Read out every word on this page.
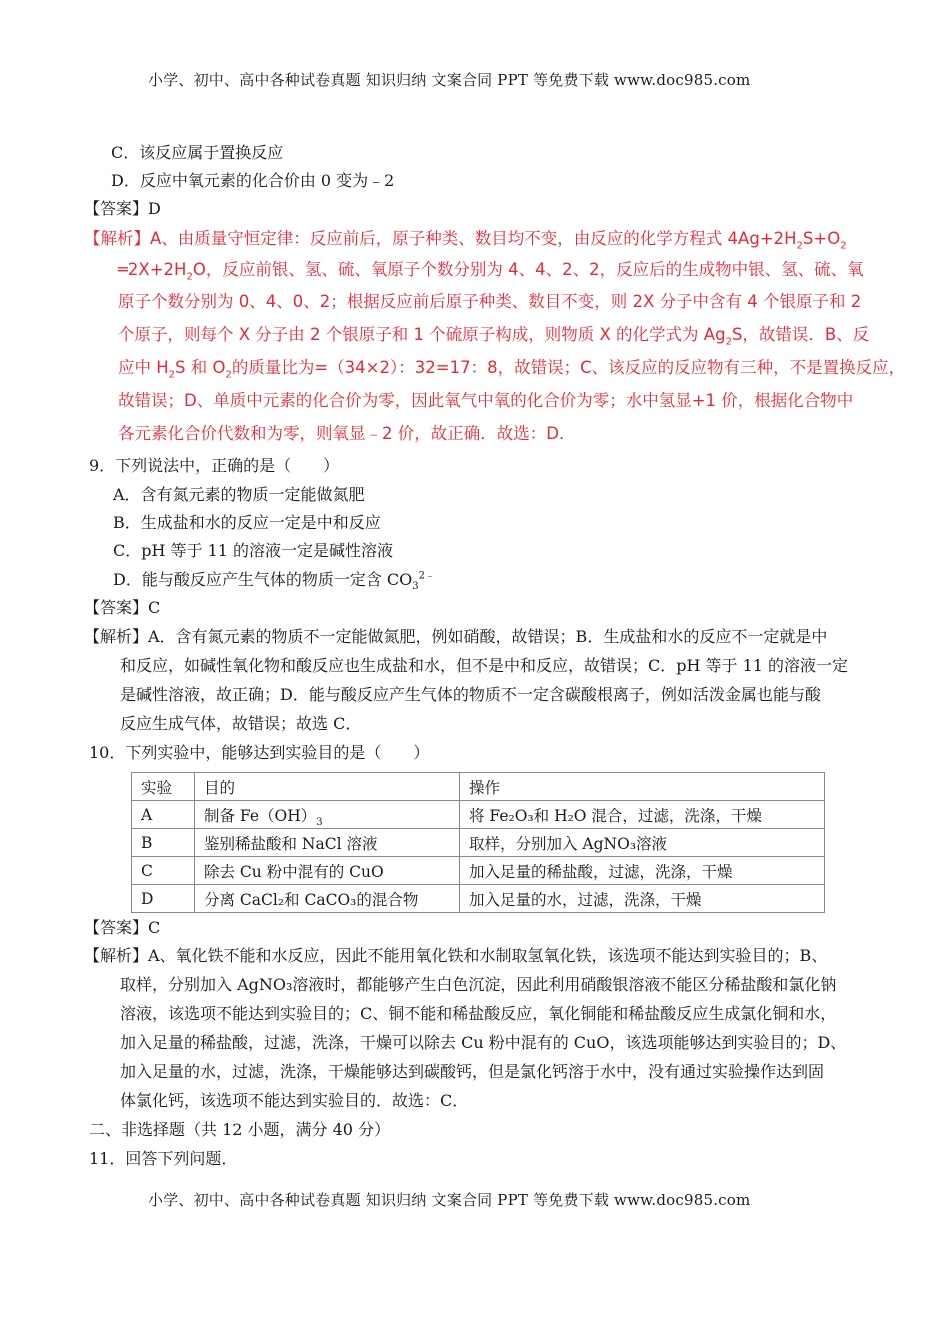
小学、初中、高中各种试卷真题 知识归纳 文案合同 PPT 等免费下载 www.doc985.com
C．该反应属于置换反应
D．反应中氧元素的化合价由 0 变为﹣2
【答案】D
【解析】A、由质量守恒定律：反应前后，原子种类、数目均不变，由反应的化学方程式 $4Ag+2H_2S+O_2$
$═2X+2H_2O$，反应前银、氢、硫、氧原子个数分别为 4、4、2、2，反应后的生成物中银、氢、硫、氧
原子个数分别为 0、4、0、2；根据反应前后原子种类、数目不变，则 2X 分子中含有 4 个银原子和 2
个原子，则每个 X 分子由 2 个银原子和 1 个硫原子构成，则物质 X 的化学式为 $Ag_2S$，故错误．B、反
应中 $H_2S$ 和 $O_2$的质量比为=（34×2）：32=17：8，故错误；C、该反应的反应物有三种，不是置换反应，
故错误；D、单质中元素的化合价为零，因此氧气中氧的化合价为零；水中氢显+1 价，根据化合物中
各元素化合价代数和为零，则氧显﹣2 价，故正确．故选：D．
9．下列说法中，正确的是（　　）
A．含有氮元素的物质一定能做氮肥
B．生成盐和水的反应一定是中和反应
C．pH 等于 11 的溶液一定是碱性溶液
D．能与酸反应产生气体的物质一定含 $CO_3^{2﹣}$
【答案】C
【解析】A．含有氮元素的物质不一定能做氮肥，例如硝酸，故错误；B．生成盐和水的反应不一定就是中
和反应，如碱性氧化物和酸反应也生成盐和水，但不是中和反应，故错误；C．pH 等于 11 的溶液一定
是碱性溶液，故正确；D．能与酸反应产生气体的物质不一定含碳酸根离子，例如活泼金属也能与酸
反应生成气体，故错误；故选 C．
10．下列实验中，能够达到实验目的是（　　）
实验	目的	操作
A	制备 $Fe(OH)_3$	将 Fe₂O₃和 H₂O 混合，过滤，洗涤，干燥
B	鉴别稀盐酸和 NaCl 溶液	取样，分别加入 AgNO₃溶液
C	除去 Cu 粉中混有的 CuO	加入足量的稀盐酸，过滤，洗涤，干燥
D	分离 CaCl₂和 CaCO₃的混合物	加入足量的水，过滤，洗涤，干燥
【答案】C
【解析】A、氧化铁不能和水反应，因此不能用氧化铁和水制取氢氧化铁，该选项不能达到实验目的；B、
取样，分别加入 AgNO₃溶液时，都能够产生白色沉淀，因此利用硝酸银溶液不能区分稀盐酸和氯化钠
溶液，该选项不能达到实验目的；C、铜不能和稀盐酸反应，氧化铜能和稀盐酸反应生成氯化铜和水，
加入足量的稀盐酸，过滤，洗涤，干燥可以除去 Cu 粉中混有的 CuO，该选项能够达到实验目的；D、
加入足量的水，过滤，洗涤，干燥能够达到碳酸钙，但是氯化钙溶于水中，没有通过实验操作达到固
体氯化钙，该选项不能达到实验目的．故选：C．
二、非选择题（共 12 小题，满分 40 分）
11．回答下列问题．
小学、初中、高中各种试卷真题 知识归纳 文案合同 PPT 等免费下载 www.doc985.com
